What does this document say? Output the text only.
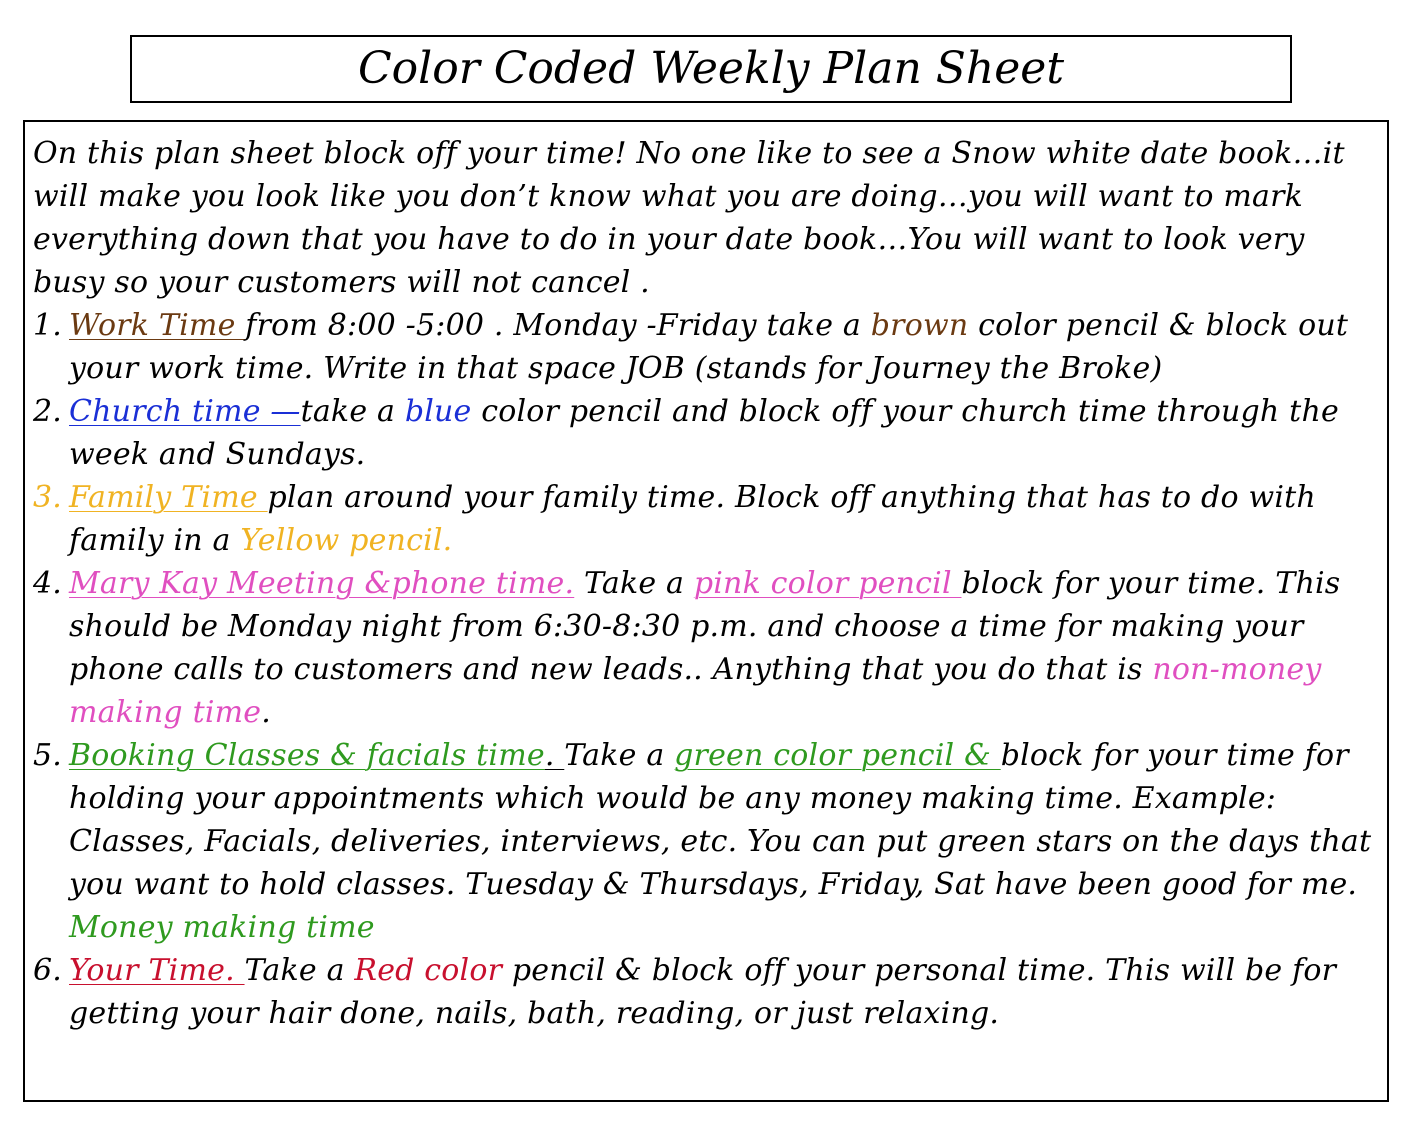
Color Coded Weekly Plan Sheet

On this plan sheet block off your time! No one like to see a Snow white date book…it will make you look like you don’t know what you are doing…you will want to mark everything down that you have to do in your date book…You will want to look very busy so your customers will not cancel .

1. Work Time from 8:00 -5:00 . Monday -Friday take a brown color pencil & block out your work time. Write in that space JOB (stands for Journey the Broke)
2. Church time —take a blue color pencil and block off your church time through the week and Sundays.
3. Family Time plan around your family time. Block off anything that has to do with family in a Yellow pencil.
4. Mary Kay Meeting &phone time. Take a pink color pencil block for your time. This should be Monday night from 6:30-8:30 p.m. and choose a time for making your phone calls to customers and new leads.. Anything that you do that is non-money making time.
5. Booking Classes & facials time. Take a green color pencil & block for your time for holding your appointments which would be any money making time. Example: Classes, Facials, deliveries, interviews, etc. You can put green stars on the days that you want to hold classes. Tuesday & Thursdays, Friday, Sat have been good for me. Money making time
6. Your Time. Take a Red color pencil & block off your personal time. This will be for getting your hair done, nails, bath, reading, or just relaxing.
